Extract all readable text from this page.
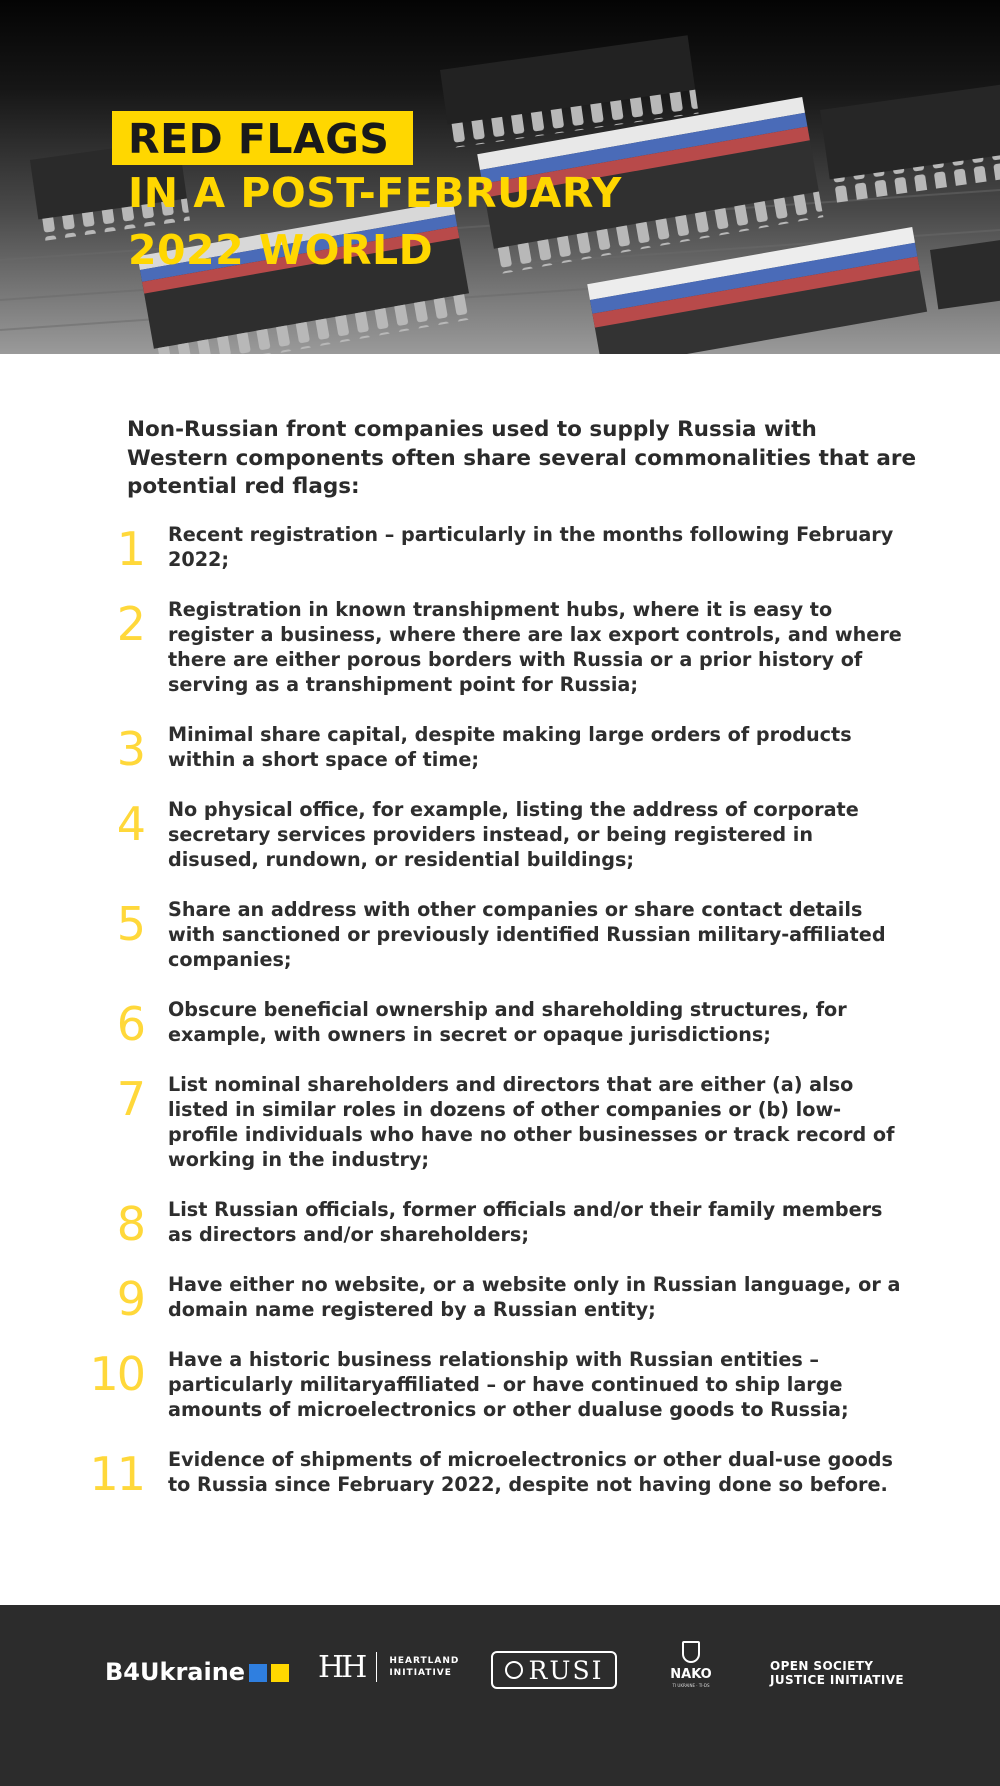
RED FLAGS
IN A POST-FEBRUARY
2022 WORLD
Non-Russian front companies used to supply Russia with Western components often share several commonalities that are potential red flags:
1 Recent registration – particularly in the months following February 2022;
2 Registration in known transhipment hubs, where it is easy to register a business, where there are lax export controls, and where there are either porous borders with Russia or a prior history of serving as a transhipment point for Russia;
3 Minimal share capital, despite making large orders of products within a short space of time;
4 No physical office, for example, listing the address of corporate secretary services providers instead, or being registered in disused, rundown, or residential buildings;
5 Share an address with other companies or share contact details with sanctioned or previously identified Russian military-affiliated companies;
6 Obscure beneficial ownership and shareholding structures, for example, with owners in secret or opaque jurisdictions;
7 List nominal shareholders and directors that are either (a) also listed in similar roles in dozens of other companies or (b) low-profile individuals who have no other businesses or track record of working in the industry;
8 List Russian officials, former officials and/or their family members as directors and/or shareholders;
9 Have either no website, or a website only in Russian language, or a domain name registered by a Russian entity;
10 Have a historic business relationship with Russian entities – particularly militaryaffiliated – or have continued to ship large amounts of microelectronics or other dualuse goods to Russia;
11 Evidence of shipments of microelectronics or other dual-use goods to Russia since February 2022, despite not having done so before.
B4Ukraine	HH	HEARTLAND
INITIATIVE	RUSI	NAKO
TI UKRAINE · TI-DS
OPEN SOCIETY
JUSTICE INITIATIVE
